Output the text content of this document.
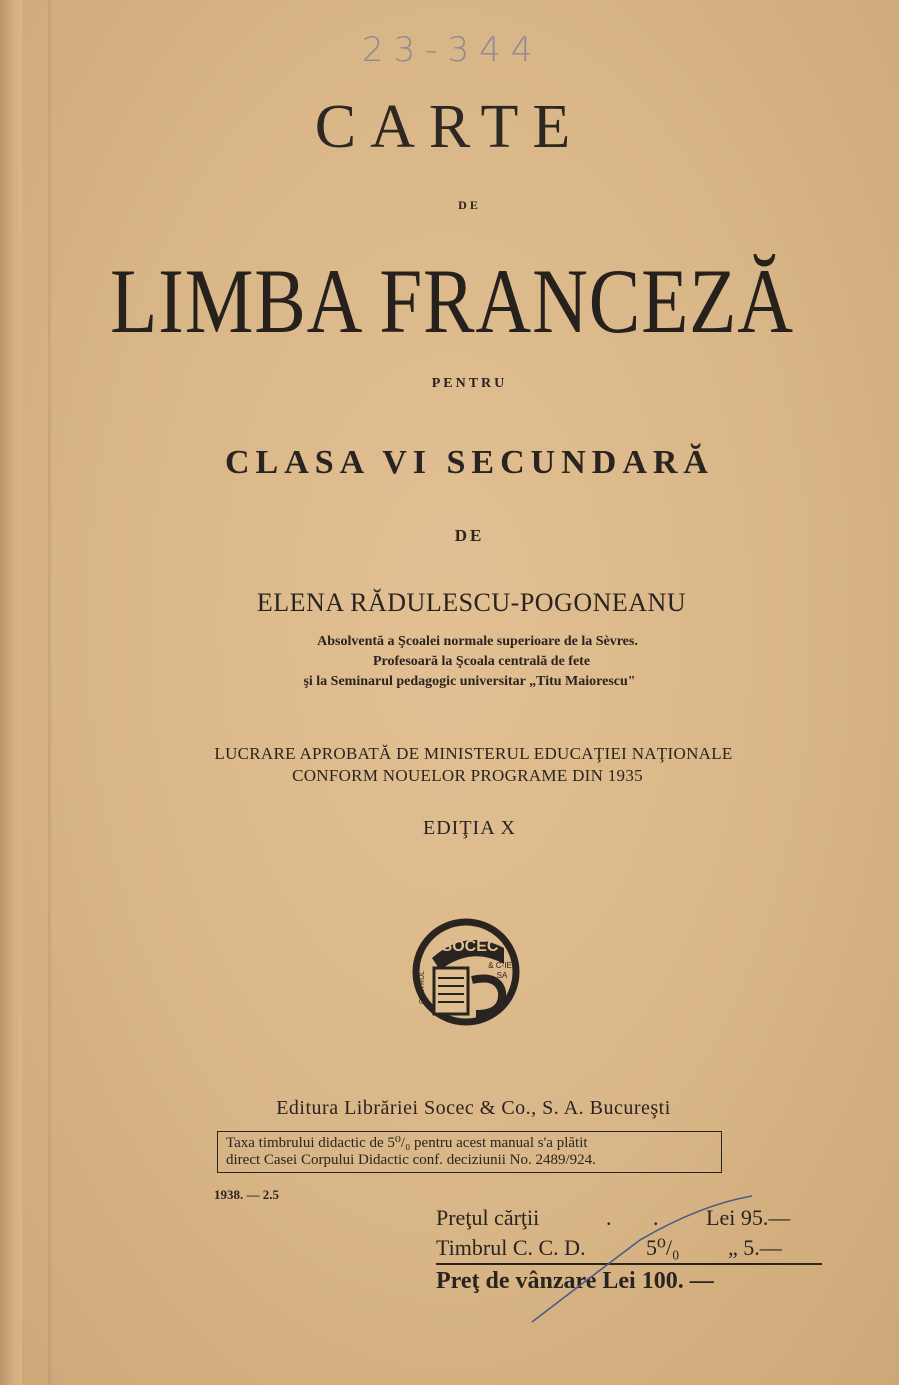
23-344
CARTE
DE
LIMBA FRANCEZĂ
PENTRU
CLASA VI SECUNDARĂ
DE
ELENA RĂDULESCU-POGONEANU
Absolventă a Şcoalei normale superioare de la Sèvres.
Profesoară la Şcoala centrală de fete
şi la Seminarul pedagogic universitar „Titu Maiorescu"
LUCRARE APROBATĂ DE MINISTERUL EDUCAŢIEI NAŢIONALE
CONFORM NOUELOR PROGRAME DIN 1935
EDIŢIA X
SOCEC
& C-IE
SA
CENTRUL
Editura Librăriei Socec & Co., S. A. Bucureşti
Taxa timbrului didactic de 5⁰/₀ pentru acest manual s'a plătit
direct Casei Corpului Didactic conf. deciziunii No. 2489/924.
1938. — 2.5
Preţul cărţii	. . Lei 95.—
Timbrul C. C. D.	5⁰/₀ „ 5.—
Preţ de vânzare Lei 100. —
